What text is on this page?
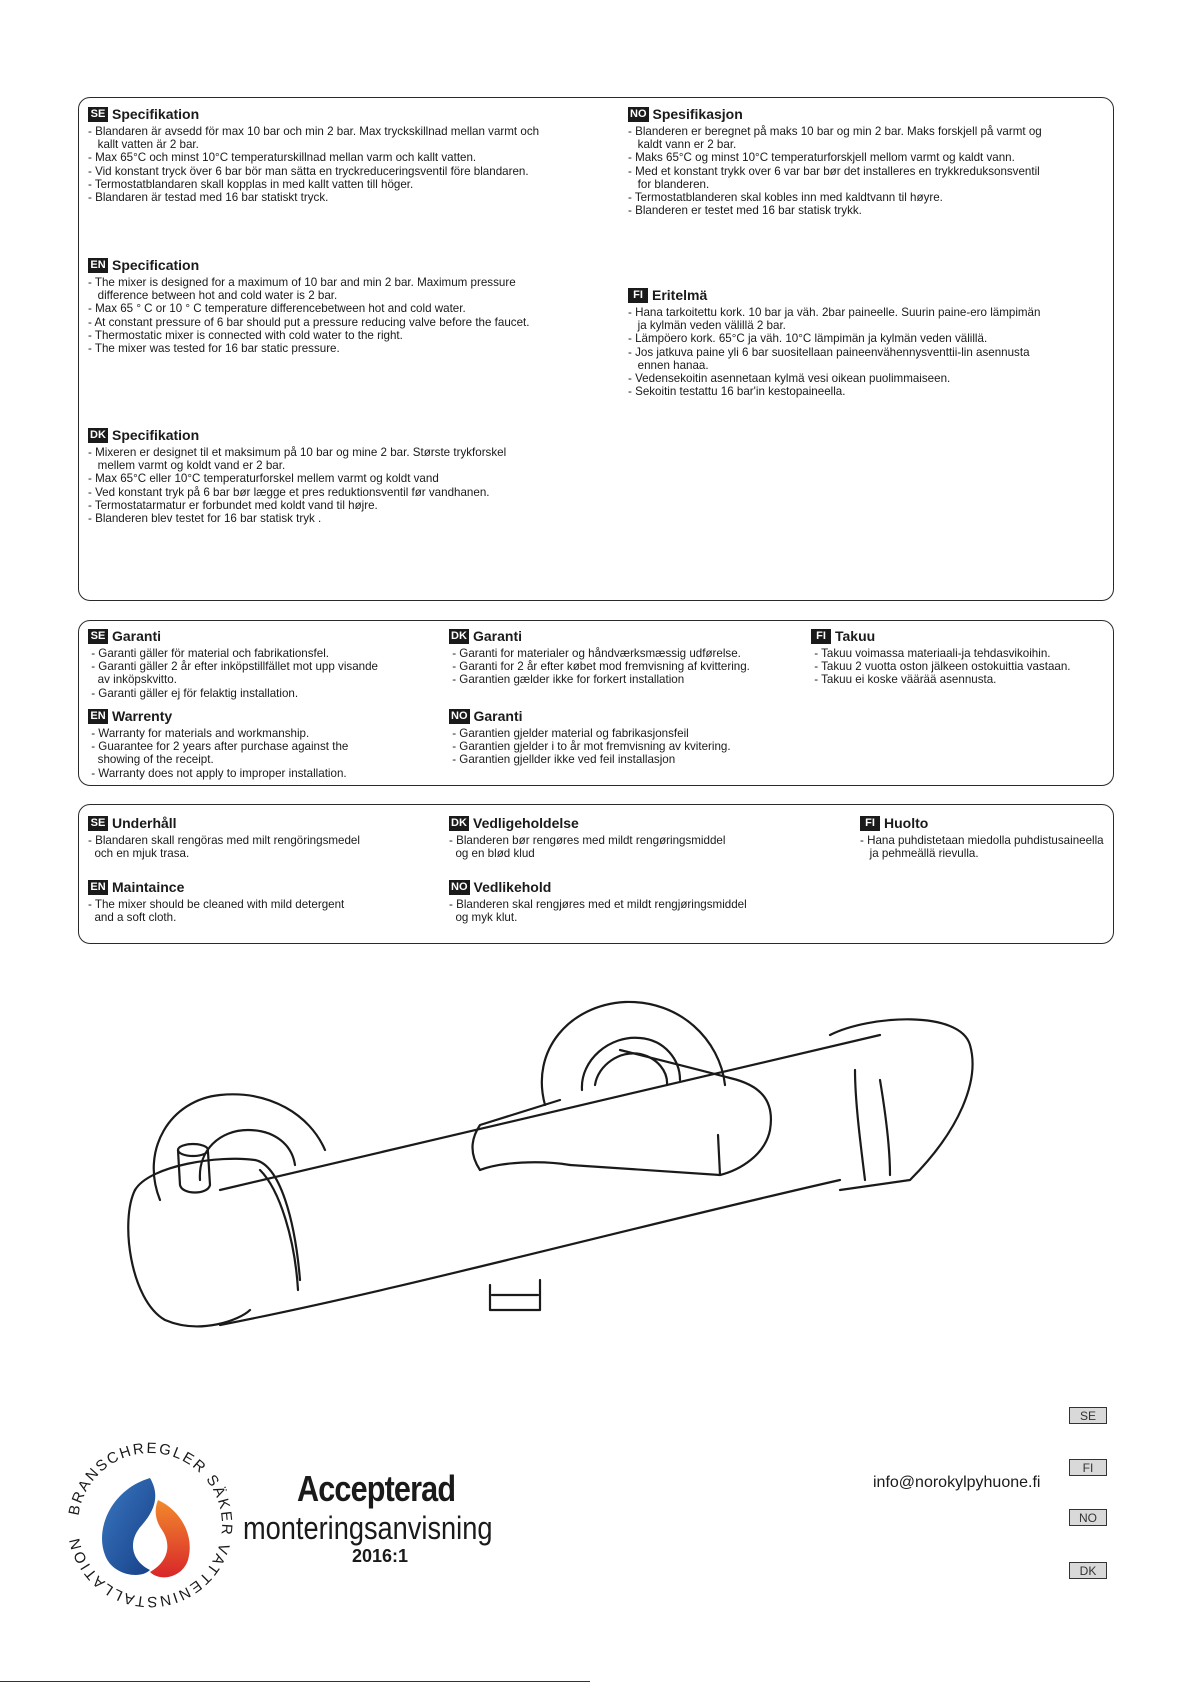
SE Specifikation
- Blandaren är avsedd för max 10 bar och min 2 bar. Max tryckskillnad mellan varmt och
kallt vatten är 2 bar.
- Max 65°C och minst 10°C temperaturskillnad mellan varm och kallt vatten.
- Vid konstant tryck över 6 bar bör man sätta en tryckreduceringsventil före blandaren.
- Termostatblandaren skall kopplas in med kallt vatten till höger.
- Blandaren är testad med 16 bar statiskt tryck.
EN Specification
- The mixer is designed for a maximum of 10 bar and min 2 bar. Maximum pressure
difference between hot and cold water is 2 bar.
- Max 65 ° C or 10 ° C temperature differencebetween hot and cold water.
- At constant pressure of 6 bar should put a pressure reducing valve before the faucet.
- Thermostatic mixer is connected with cold water to the right.
- The mixer was tested for 16 bar static pressure.
DK Specifikation
- Mixeren er designet til et maksimum på 10 bar og mine 2 bar. Største trykforskel
mellem varmt og koldt vand er 2 bar.
- Max 65°C eller 10°C temperaturforskel mellem varmt og koldt vand
- Ved konstant tryk på 6 bar bør lægge et pres reduktionsventil før vandhanen.
- Termostatarmatur er forbundet med koldt vand til højre.
- Blanderen blev testet for 16 bar statisk tryk .
NO Spesifikasjon
- Blanderen er beregnet på maks 10 bar og min 2 bar. Maks forskjell på varmt og
kaldt vann er 2 bar.
- Maks 65°C og minst 10°C temperaturforskjell mellom varmt og kaldt vann.
- Med et konstant trykk over 6 var bar bør det installeres en trykkreduksonsventil
for blanderen.
- Termostatblanderen skal kobles inn med kaldtvann til høyre.
- Blanderen er testet med 16 bar statisk trykk.
FI Eritelmä
- Hana tarkoitettu kork. 10 bar ja väh. 2bar paineelle. Suurin paine-ero lämpimän
ja kylmän veden välillä 2 bar.
- Lämpöero kork. 65°C ja väh. 10°C lämpimän ja kylmän veden välillä.
- Jos jatkuva paine yli 6 bar suositellaan paineenvähennysventtii-lin asennusta
ennen hanaa.
- Vedensekoitin asennetaan kylmä vesi oikean puolimmaiseen.
- Sekoitin testattu 16 bar'in kestopaineella.
SE Garanti
- Garanti gäller för material och fabrikationsfel.
- Garanti gäller 2 år efter inköpstillfället mot upp visande
av inköpskvitto.
- Garanti gäller ej för felaktig installation.
EN Warrenty
- Warranty for materials and workmanship.
- Guarantee for 2 years after purchase against the
showing of the receipt.
- Warranty does not apply to improper installation.
DK Garanti
- Garanti for materialer og håndværksmæssig udførelse.
- Garanti for 2 år efter købet mod fremvisning af kvittering.
- Garantien gælder ikke for forkert installation
NO Garanti
- Garantien gjelder material og fabrikasjonsfeil
- Garantien gjelder i to år mot fremvisning av kvitering.
- Garantien gjellder ikke ved feil installasjon
FI Takuu
- Takuu voimassa materiaali-ja tehdasvikoihin.
- Takuu 2 vuotta oston jälkeen ostokuittia vastaan.
- Takuu ei koske väärää asennusta.
SE Underhåll
- Blandaren skall rengöras med milt rengöringsmedel
och en mjuk trasa.
EN Maintaince
- The mixer should be cleaned with mild detergent
and a soft cloth.
DK Vedligeholdelse
- Blanderen bør rengøres med mildt rengøringsmiddel
og en blød klud
NO Vedlikehold
- Blanderen skal rengjøres med et mildt rengjøringsmiddel
og myk klut.
FI Huolto
- Hana puhdistetaan miedolla puhdistusaineella
ja pehmeällä rievulla.
SE
FI
NO
DK
info@norokylpyhuone.fi
BRANSCHREGLER SÄKER VATTENINSTALLATION
Accepterad
monteringsanvisning
2016:1
